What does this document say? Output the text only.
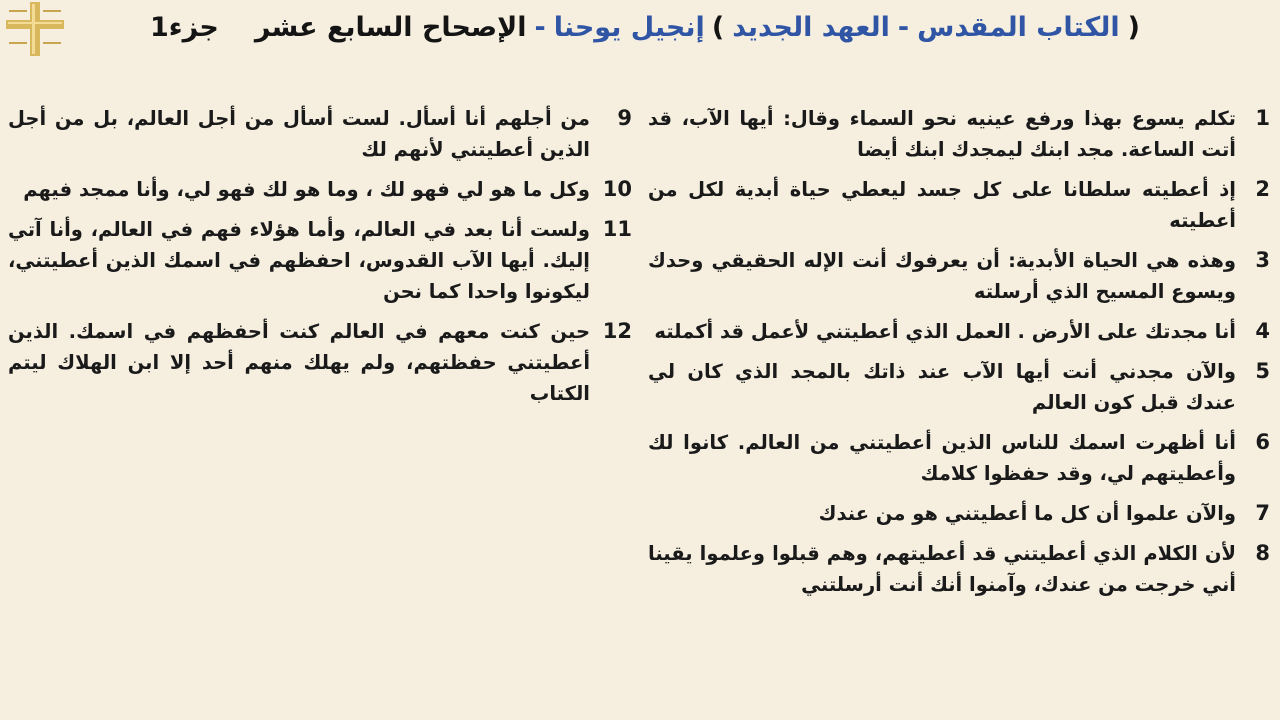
إنجيل يوحنا
-
الإصحاح السابع عشر
جزء1	(
الكتاب المقدس
-
العهد الجديد
)
1
تكلم يسوع بهذا ورفع عينيه نحو السماء وقال: أيها الآب، قد أتت الساعة. مجد ابنك ليمجدك ابنك أيضا
2
إذ أعطيته سلطانا على كل جسد ليعطي حياة أبدية لكل من أعطيته
3
وهذه هي الحياة الأبدية: أن يعرفوك أنت الإله الحقيقي وحدك ويسوع المسيح الذي أرسلته
4
أنا مجدتك على الأرض . العمل الذي أعطيتني لأعمل قد أكملته
5
والآن مجدني أنت أيها الآب عند ذاتك بالمجد الذي كان لي عندك قبل كون العالم
6
أنا أظهرت اسمك للناس الذين أعطيتني من العالم. كانوا لك وأعطيتهم لي، وقد حفظوا كلامك
7
والآن علموا أن كل ما أعطيتني هو من عندك
8
لأن الكلام الذي أعطيتني قد أعطيتهم، وهم قبلوا وعلموا يقينا أني خرجت من عندك، وآمنوا أنك أنت أرسلتني
9
من أجلهم أنا أسأل. لست أسأل من أجل العالم، بل من أجل الذين أعطيتني لأنهم لك
10
وكل ما هو لي فهو لك ، وما هو لك فهو لي، وأنا ممجد فيهم
11
ولست أنا بعد في العالم، وأما هؤلاء فهم في العالم، وأنا آتي إليك. أيها الآب القدوس، احفظهم في اسمك الذين أعطيتني، ليكونوا واحدا كما نحن
12
حين كنت معهم في العالم كنت أحفظهم في اسمك. الذين أعطيتني حفظتهم، ولم يهلك منهم أحد إلا ابن الهلاك ليتم الكتاب
